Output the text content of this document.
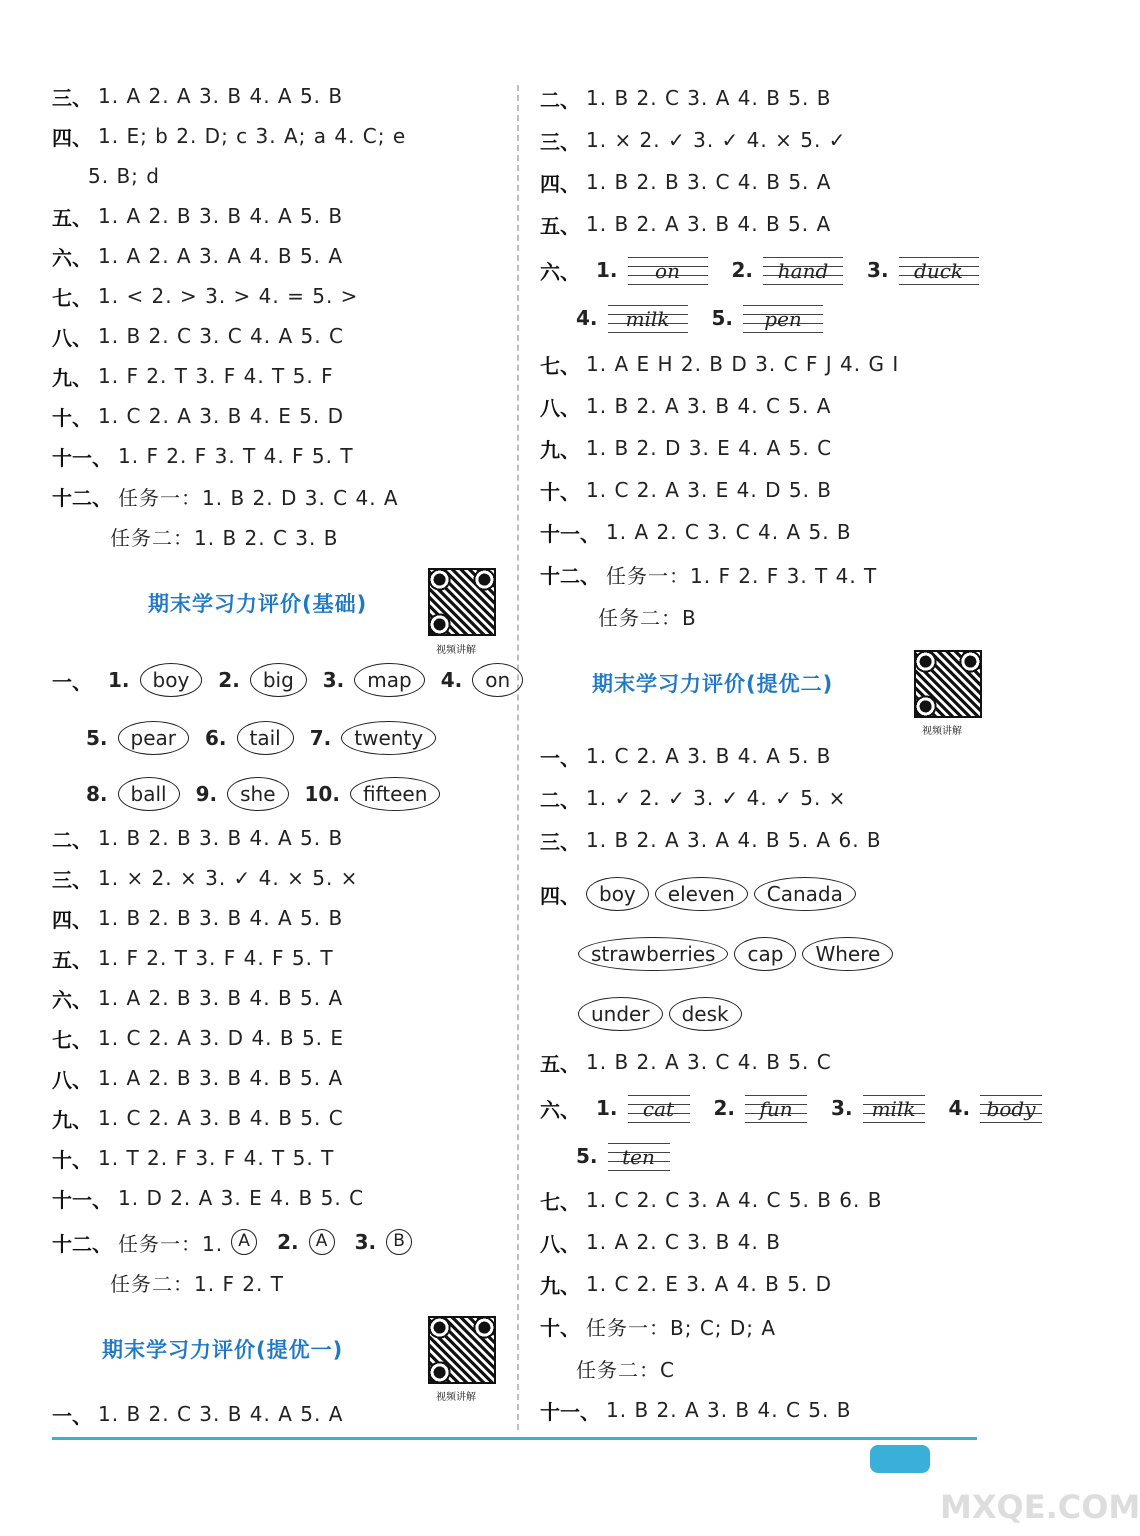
三、 1. A 2. A 3. B 4. A 5. B
四、 1. E; b 2. D; c 3. A; a 4. C; e
5. B; d
五、 1. A 2. B 3. B 4. A 5. B
六、 1. A 2. A 3. A 4. B 5. A
七、 1. < 2. > 3. > 4. = 5. >
八、 1. B 2. C 3. C 4. A 5. C
九、 1. F 2. T 3. F 4. T 5. F
十、 1. C 2. A 3. B 4. E 5. D
十一、 1. F 2. F 3. T 4. F 5. T
十二、 任务一：1. B 2. D 3. C 4. A
任务二：1. B 2. C 3. B
期末学习力评价(基础)
视频讲解
一、 1.	boy	2.	big	3.	map	4.	on
5.	pear	6.	tail	7.	twenty
8.	ball	9.	she	10.	fifteen
二、 1. B 2. B 3. B 4. A 5. B
三、 1. × 2. × 3. ✓ 4. × 5. ×
四、 1. B 2. B 3. B 4. A 5. B
五、 1. F 2. T 3. F 4. F 5. T
六、 1. A 2. B 3. B 4. B 5. A
七、 1. C 2. A 3. D 4. B 5. E
八、 1. A 2. B 3. B 4. B 5. A
九、 1. C 2. A 3. B 4. B 5. C
十、 1. T 2. F 3. F 4. T 5. T
十一、 1. D 2. A 3. E 4. B 5. C
十二、 任务一：1. A	2.	A	3.	B
任务二：1. F 2. T
期末学习力评价(提优一)
视频讲解
一、 1. B 2. C 3. B 4. A 5. A
二、 1. B 2. C 3. A 4. B 5. B
三、 1. × 2. ✓ 3. ✓ 4. × 5. ✓
四、 1. B 2. B 3. C 4. B 5. A
五、 1. B 2. A 3. B 4. B 5. A
六、 1.	on	2.	hand	3.	duck
4.	milk	5.	pen
七、 1. A E H 2. B D 3. C F J 4. G I
八、 1. B 2. A 3. B 4. C 5. A
九、 1. B 2. D 3. E 4. A 5. C
十、 1. C 2. A 3. E 4. D 5. B
十一、 1. A 2. C 3. C 4. A 5. B
十二、 任务一：1. F 2. F 3. T 4. T
任务二：B
期末学习力评价(提优二)
视频讲解
一、 1. C 2. A 3. B 4. A 5. B
二、 1. ✓ 2. ✓ 3. ✓ 4. ✓ 5. ×
三、 1. B 2. A 3. A 4. B 5. A 6. B
四、 boy	eleven	Canada
strawberries	cap	Where
under	desk
五、 1. B 2. A 3. C 4. B 5. C
六、 1.	cat	2.	fun	3. milk	4. body
5.	ten
七、 1. C 2. C 3. A 4. C 5. B 6. B
八、 1. A 2. C 3. B 4. B
九、 1. C 2. E 3. A 4. B 5. D
十、 任务一：B; C; D; A
任务二：C
十一、 1. B 2. A 3. B 4. C 5. B
MXQE.COM
